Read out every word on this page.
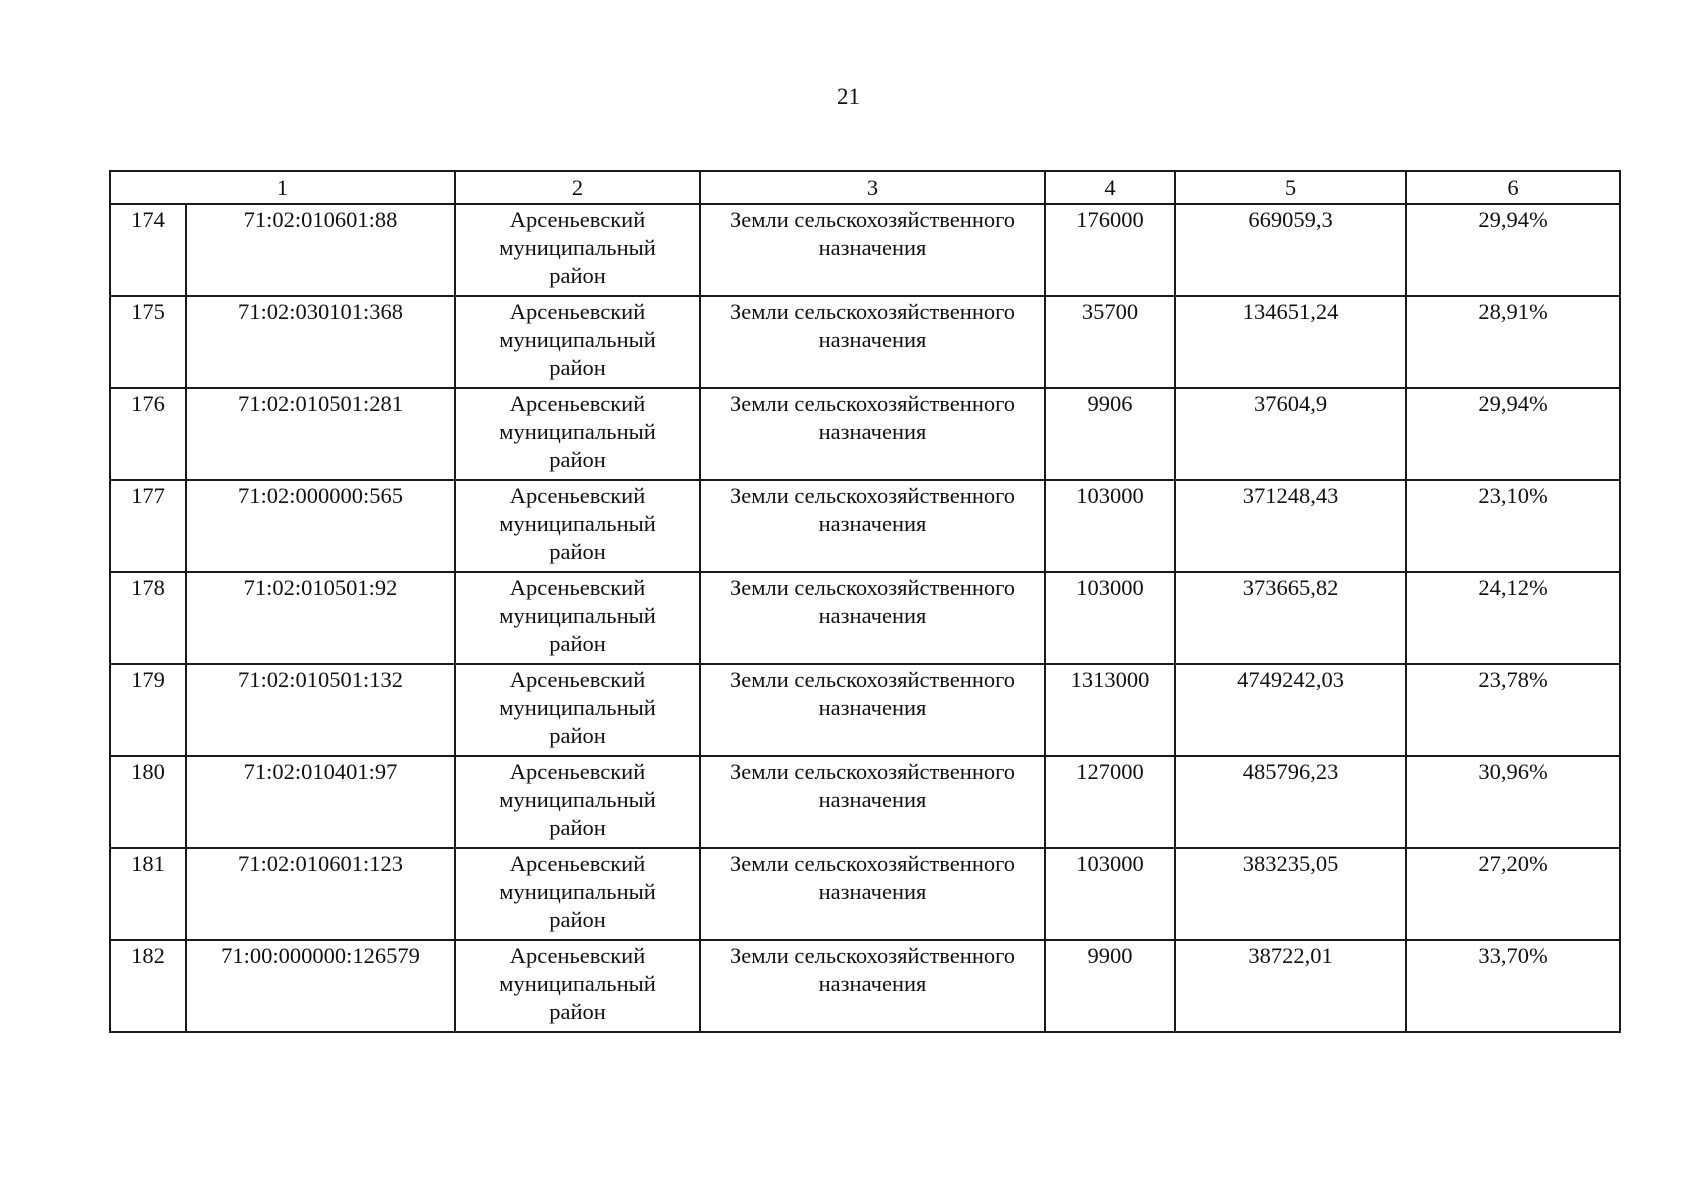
21
1		2	3	4	5	6
174	71:02:010601:88	Арсеньевский
муниципальный
район	Земли сельскохозяйственного
назначения	176000	669059,3	29,94%
175	71:02:030101:368	Арсеньевский
муниципальный
район	Земли сельскохозяйственного
назначения	35700	134651,24	28,91%
176	71:02:010501:281	Арсеньевский
муниципальный
район	Земли сельскохозяйственного
назначения	9906	37604,9	29,94%
177	71:02:000000:565	Арсеньевский
муниципальный
район	Земли сельскохозяйственного
назначения	103000	371248,43	23,10%
178	71:02:010501:92	Арсеньевский
муниципальный
район	Земли сельскохозяйственного
назначения	103000	373665,82	24,12%
179	71:02:010501:132	Арсеньевский
муниципальный
район	Земли сельскохозяйственного
назначения	1313000	4749242,03	23,78%
180	71:02:010401:97	Арсеньевский
муниципальный
район	Земли сельскохозяйственного
назначения	127000	485796,23	30,96%
181	71:02:010601:123	Арсеньевский
муниципальный
район	Земли сельскохозяйственного
назначения	103000	383235,05	27,20%
182	71:00:000000:126579	Арсеньевский
муниципальный
район	Земли сельскохозяйственного
назначения	9900	38722,01	33,70%
